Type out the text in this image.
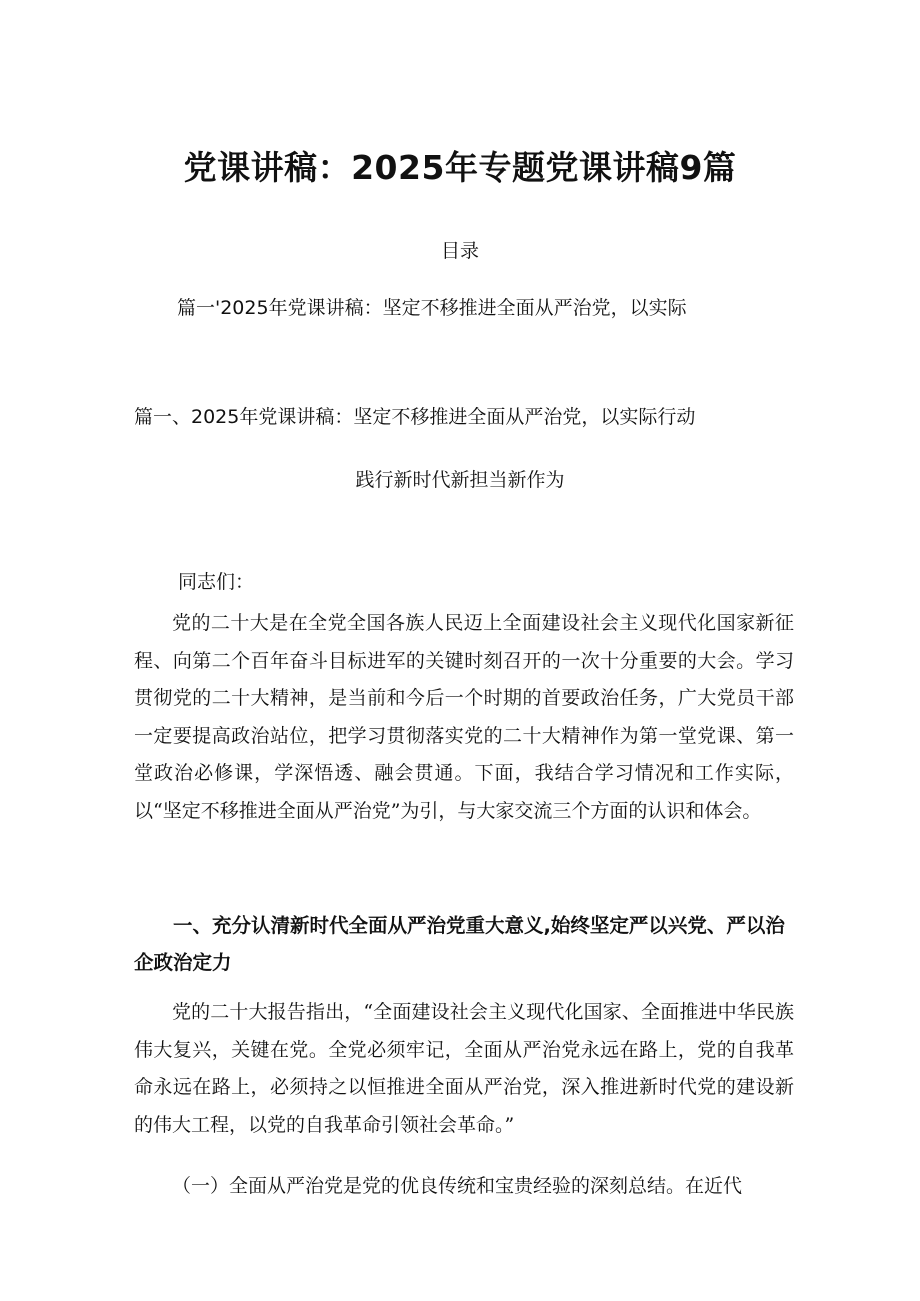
党课讲稿：2025年专题党课讲稿9篇
目录
篇一'2025年党课讲稿：坚定不移推进全面从严治党，以实际
篇一、2025年党课讲稿：坚定不移推进全面从严治党，以实际行动
践行新时代新担当新作为
同志们：

党的二十大是在全党全国各族人民迈上全面建设社会主义现代化国家新征程、向第二个百年奋斗目标进军的关键时刻召开的一次十分重要的大会。学习贯彻党的二十大精神，是当前和今后一个时期的首要政治任务，广大党员干部一定要提高政治站位，把学习贯彻落实党的二十大精神作为第一堂党课、第一堂政治必修课，学深悟透、融会贯通。下面，我结合学习情况和工作实际，以“坚定不移推进全面从严治党”为引，与大家交流三个方面的认识和体会。

一、充分认清新时代全面从严治党重大意义,始终坚定严以兴党、严以治企政治定力

党的二十大报告指出，“全面建设社会主义现代化国家、全面推进中华民族伟大复兴，关键在党。全党必须牢记，全面从严治党永远在路上，党的自我革命永远在路上，必须持之以恒推进全面从严治党，深入推进新时代党的建设新的伟大工程，以党的自我革命引领社会革命。”

（一）全面从严治党是党的优良传统和宝贵经验的深刻总结。在近代
